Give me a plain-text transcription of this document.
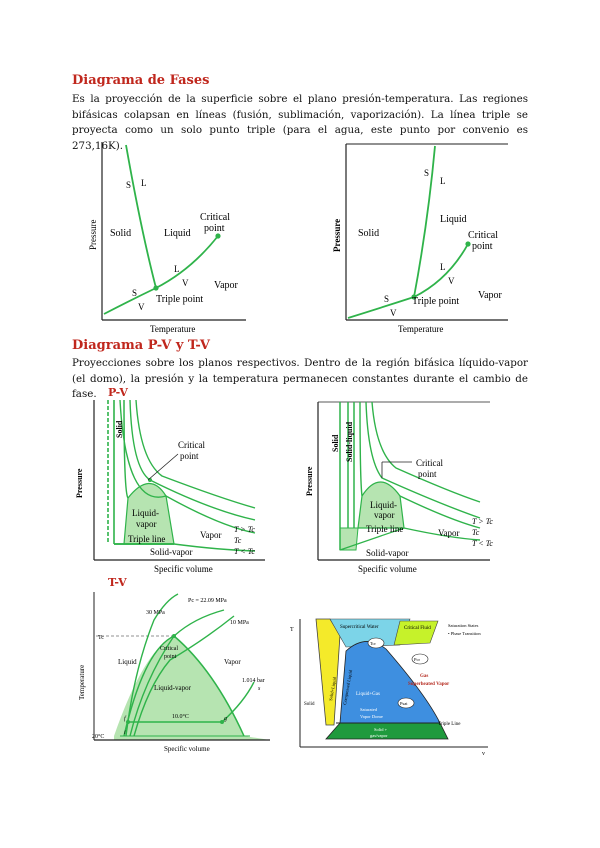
Diagrama de Fases

Es la proyección de la superficie sobre el plano presión-temperatura. Las regiones bifásicas colapsan en líneas (fusión, sublimación, vaporización). La línea triple se proyecta como un solo punto triple (para el agua, este punto por convenio es 273,16K).

Pressure
Temperature
S L
Solid	Liquid
Critical
point
L
V	Vapor
S
V
Triple point
Pressure
Temperature
S
L
Solid
Liquid
Critical
point
L
V
Vapor
S
V
Triple point
Diagrama P-V y T-V

Proyecciones sobre los planos respectivos. Dentro de la región bifásica líquido-vapor (el domo), la presión y la temperatura permanecen constantes durante el cambio de fase.	P-V
Pressure
Specific volume
Solid
Critical
point
Liquid-
vapor
Triple line	Vapor
Solid-vapor
T > Tc
Tc
T < Tc
Pressure
Specific volume
Solid Solid-liquid
Critical
point
Liquid-
vapor
Triple line	Vapor
Solid-vapor
T > Tc
Tc
T < Tc
T-V
Temperature
Specific volume
Pc = 22.09 MPa
30 MPa
10 MPa
Tc
Critical
point
Liquid	Vapor
Liquid-vapor
10.0°C
1.014 bar
20°C
f	g
i
s
T
v
Supercritical Water	Critical Fluid
Saturation States
• Phase Transition
Tcr
Pcr
Gas
Superheated Vapor
Compressed Liquid
Solid+Liquid
Solid
Liquid+Gas
Saturated
Vapor Dome
Psat
Triple Line
Solid +
gas/vapor
